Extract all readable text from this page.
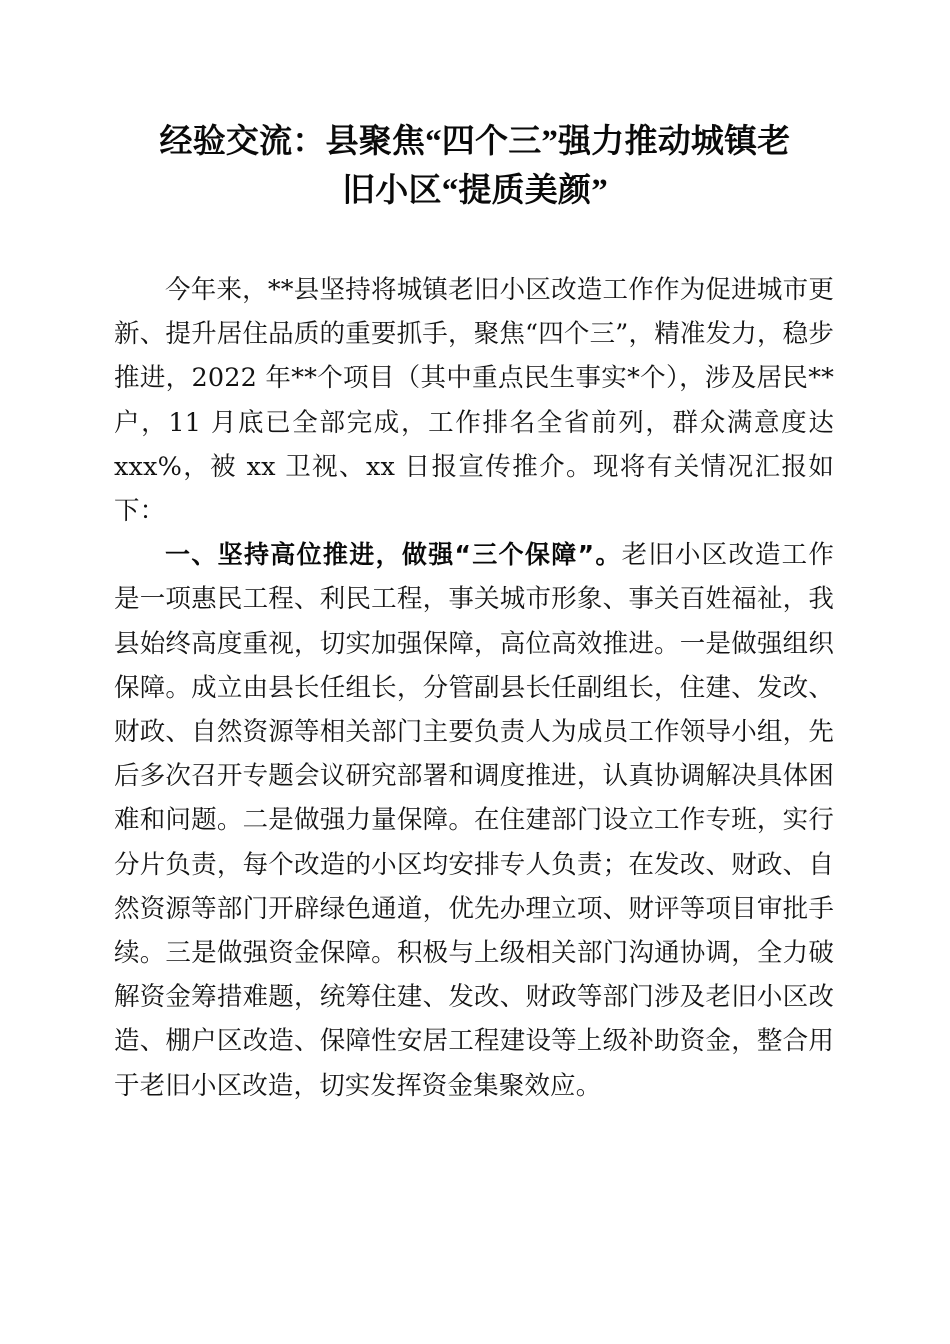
经验交流：县聚焦“四个三”强力推动城镇老
旧小区“提质美颜”

今年来，**县坚持将城镇老旧小区改造工作作为促进城市更新、提升居住品质的重要抓手，聚焦“四个三”，精准发力，稳步推进，2022 年**个项目（其中重点民生事实*个），涉及居民**户，11 月底已全部完成，工作排名全省前列，群众满意度达 xxx%，被 xx 卫视、xx 日报宣传推介。现将有关情况汇报如下：

一、坚持高位推进，做强“三个保障”。老旧小区改造工作是一项惠民工程、利民工程，事关城市形象、事关百姓福祉，我县始终高度重视，切实加强保障，高位高效推进。一是做强组织保障。成立由县长任组长，分管副县长任副组长，住建、发改、财政、自然资源等相关部门主要负责人为成员工作领导小组，先后多次召开专题会议研究部署和调度推进，认真协调解决具体困难和问题。二是做强力量保障。在住建部门设立工作专班，实行分片负责，每个改造的小区均安排专人负责；在发改、财政、自然资源等部门开辟绿色通道，优先办理立项、财评等项目审批手续。三是做强资金保障。积极与上级相关部门沟通协调，全力破解资金筹措难题，统筹住建、发改、财政等部门涉及老旧小区改造、棚户区改造、保障性安居工程建设等上级补助资金，整合用于老旧小区改造，切实发挥资金集聚效应。
